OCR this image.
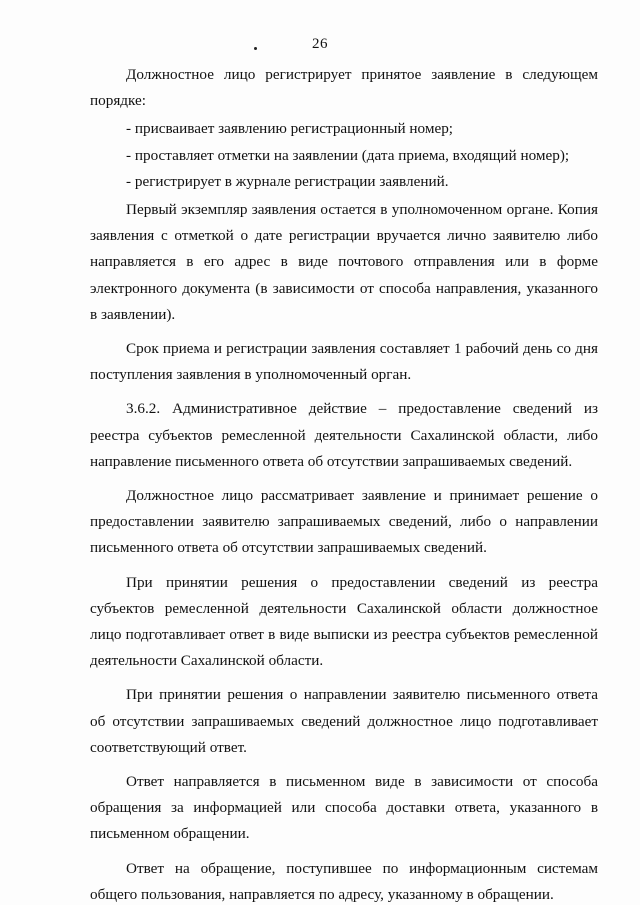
26

Должностное лицо регистрирует принятое заявление в следующем порядке:

- присваивает заявлению регистрационный номер;

- проставляет отметки на заявлении (дата приема, входящий номер);

- регистрирует в журнале регистрации заявлений.

Первый экземпляр заявления остается в уполномоченном органе. Копия заявления с отметкой о дате регистрации вручается лично заявителю либо направляется в его адрес в виде почтового отправления или в форме электронного документа (в зависимости от способа направления, указанного в заявлении).

Срок приема и регистрации заявления составляет 1 рабочий день со дня поступления заявления в уполномоченный орган.

3.6.2. Административное действие – предоставление сведений из реестра субъектов ремесленной деятельности Сахалинской области, либо направление письменного ответа об отсутствии запрашиваемых сведений.

Должностное лицо рассматривает заявление и принимает решение о предоставлении заявителю запрашиваемых сведений, либо о направлении письменного ответа об отсутствии запрашиваемых сведений.

При принятии решения о предоставлении сведений из реестра субъектов ремесленной деятельности Сахалинской области должностное лицо подготавливает ответ в виде выписки из реестра субъектов ремесленной деятельности Сахалинской области.

При принятии решения о направлении заявителю письменного ответа об отсутствии запрашиваемых сведений должностное лицо подготавливает соответствующий ответ.

Ответ направляется в письменном виде в зависимости от способа обращения за информацией или способа доставки ответа, указанного в письменном обращении.

Ответ на обращение, поступившее по информационным системам общего пользования, направляется по адресу, указанному в обращении.
